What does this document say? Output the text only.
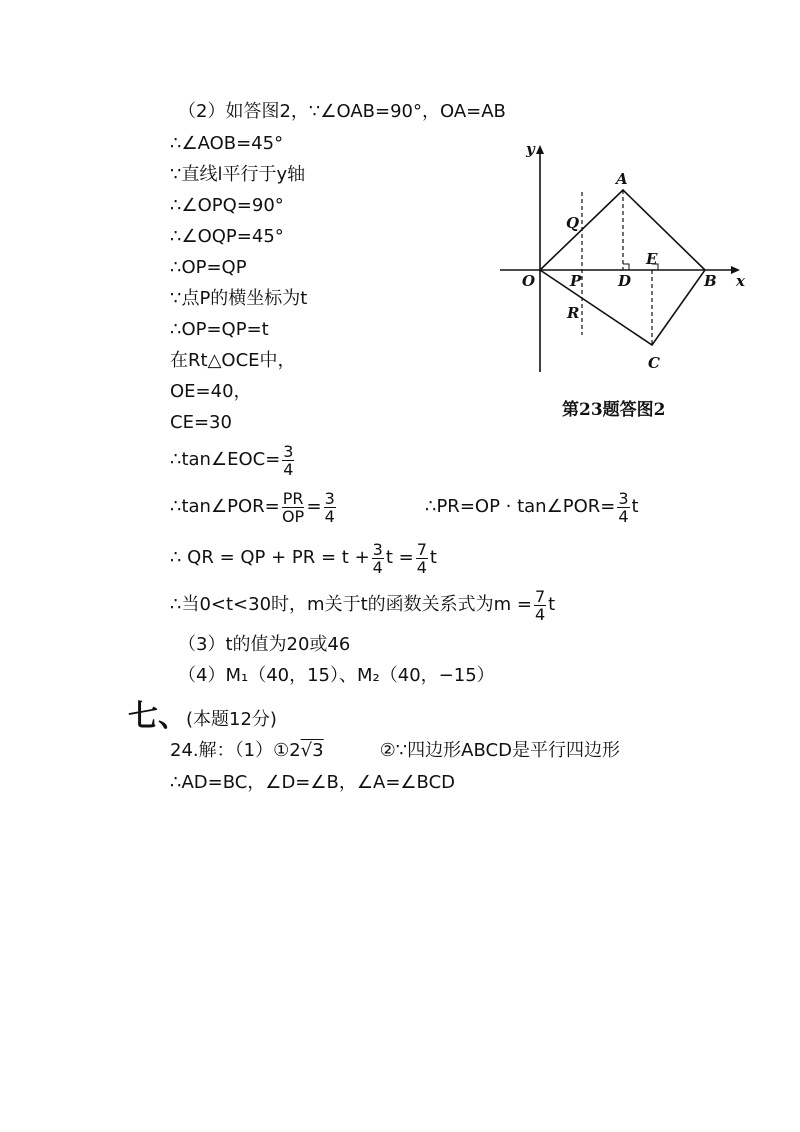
（2）如答图2，∵∠OAB=90°，OA=AB
∴∠AOB=45°
∵直线l平行于y轴
∴∠OPQ=90°
∴∠OQP=45°
∴OP=QP
∵点P的横坐标为t
∴OP=QP=t
在Rt△OCE中，
OE=40，
CE=30
∴tan∠EOC= $\frac{3}{4}$
∴tan∠POR= $\frac{PR}{OP} = \frac{3}{4}$	∴PR=OP · tan∠POR= $\frac{3}{4}$ t
∴ QR = QP + PR = $t + \frac{3}{4}$ $t = \frac{7}{4}$ t
∴当0<t<30时，m关于t的函数关系式为$m = \frac{7}{4}$ t
（3）t的值为20或46
（4）M₁（40，15）、M₂（40，−15）
七、
(本题12分)
24.解：（1）①2√3	②∵四边形ABCD是平行四边形
∴AD=BC，∠D=∠B，∠A=∠BCD
y
x
O
A
B
C
D
E
P
Q
R
第23题答图2
